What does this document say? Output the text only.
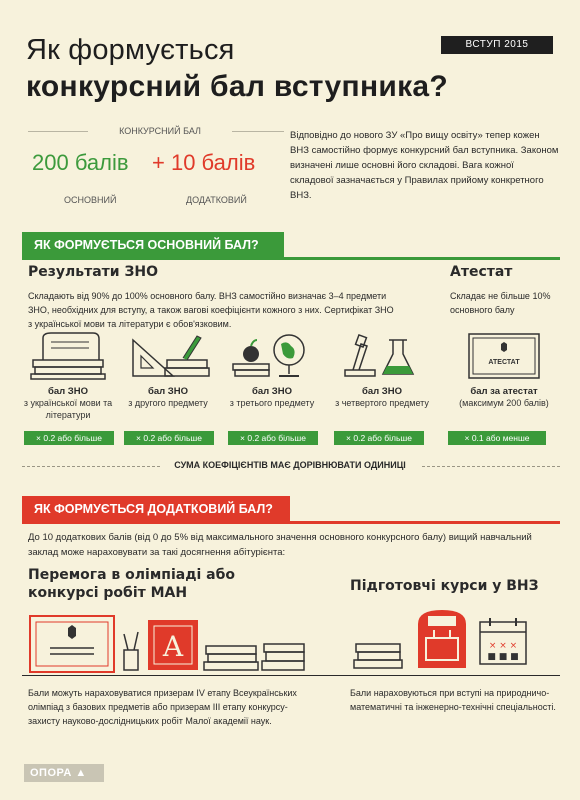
Як формується
конкурсний бал вступника?
ВСТУП 2015
КОНКУРСНИЙ БАЛ
200 балів + 10 балів
ОСНОВНИЙ	ДОДАТКОВИЙ
Відповідно до нового ЗУ «Про вищу освіту» тепер кожен ВНЗ самостійно формує конкурсний бал вступника. Законом визначені лише основні його складові. Вага кожної складової зазначається у Правилах прийому конкретного ВНЗ.
ЯК ФОРМУЄТЬСЯ ОСНОВНИЙ БАЛ?
Результати ЗНО	Атестат
Складають від 90% до 100% основного балу. ВНЗ самостійно визначає 3–4 предмети ЗНО, необхідних для вступу, а також вагові коефіцієнти кожного з них. Сертифікат ЗНО з української мови та літератури є обов'язковим.
Складає не більше 10% основного балу
бал ЗНО
з української мови та літератури
бал ЗНО
з другого предмету
бал ЗНО
з третього предмету
бал ЗНО
з четвертого предмету
АТЕСТАТ
бал за атестат
(максимум 200 балів)
× 0.2 або більше	× 0.2 або більше	× 0.2 або більше	× 0.2 або більше	× 0.1 або менше
СУМА КОЕФІЦІЄНТІВ МАЄ ДОРІВНЮВАТИ ОДИНИЦІ
ЯК ФОРМУЄТЬСЯ ДОДАТКОВИЙ БАЛ?
До 10 додаткових балів (від 0 до 5% від максимального значення основного конкурсного балу) вищий навчальний заклад може нараховувати за такі досягнення абітурієнта:
Перемога в олімпіаді або конкурсі робіт МАН	Підготовчі курси у ВНЗ
A	× × ×
■ ■ ■
Бали можуть нараховуватися призерам IV етапу Всеукраїнських олімпіад з базових предметів або призерам III етапу конкурсу-захисту науково-дослідницьких робіт Малої академії наук.
Бали нараховуються при вступі на природничо-математичні та інженерно-технічні спеціальності.
ОПОРА ▲
